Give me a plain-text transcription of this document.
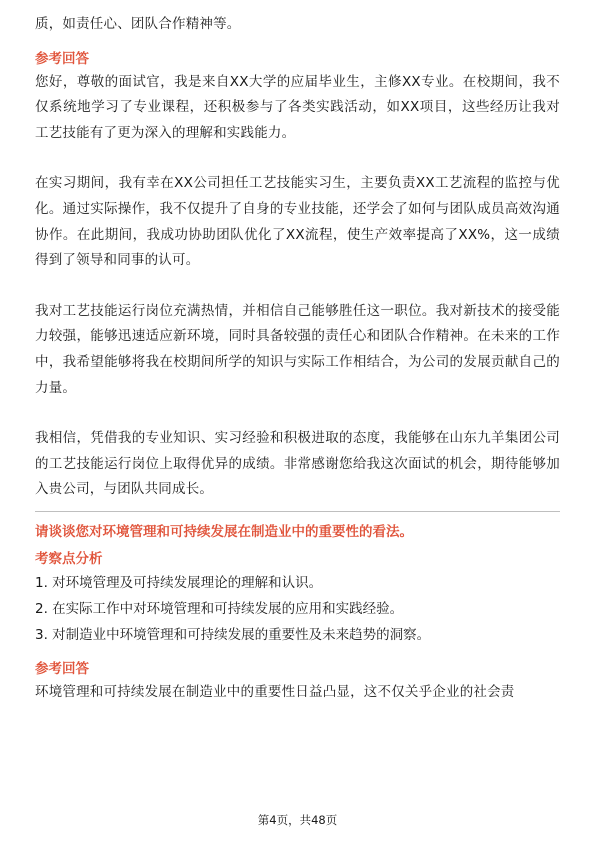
质，如责任心、团队合作精神等。

参考回答

您好，尊敬的面试官，我是来自XX大学的应届毕业生，主修XX专业。在校期间，我不仅系统地学习了专业课程，还积极参与了各类实践活动，如XX项目，这些经历让我对工艺技能有了更为深入的理解和实践能力。

在实习期间，我有幸在XX公司担任工艺技能实习生，主要负责XX工艺流程的监控与优化。通过实际操作，我不仅提升了自身的专业技能，还学会了如何与团队成员高效沟通协作。在此期间，我成功协助团队优化了XX流程，使生产效率提高了XX%，这一成绩得到了领导和同事的认可。

我对工艺技能运行岗位充满热情，并相信自己能够胜任这一职位。我对新技术的接受能力较强，能够迅速适应新环境，同时具备较强的责任心和团队合作精神。在未来的工作中，我希望能够将我在校期间所学的知识与实际工作相结合，为公司的发展贡献自己的力量。

我相信，凭借我的专业知识、实习经验和积极进取的态度，我能够在山东九羊集团公司的工艺技能运行岗位上取得优异的成绩。非常感谢您给我这次面试的机会，期待能够加入贵公司，与团队共同成长。

请谈谈您对环境管理和可持续发展在制造业中的重要性的看法。

考察点分析

1. 对环境管理及可持续发展理论的理解和认识。

2. 在实际工作中对环境管理和可持续发展的应用和实践经验。

3. 对制造业中环境管理和可持续发展的重要性及未来趋势的洞察。

参考回答

环境管理和可持续发展在制造业中的重要性日益凸显，这不仅关乎企业的社会责

第4页，共48页
